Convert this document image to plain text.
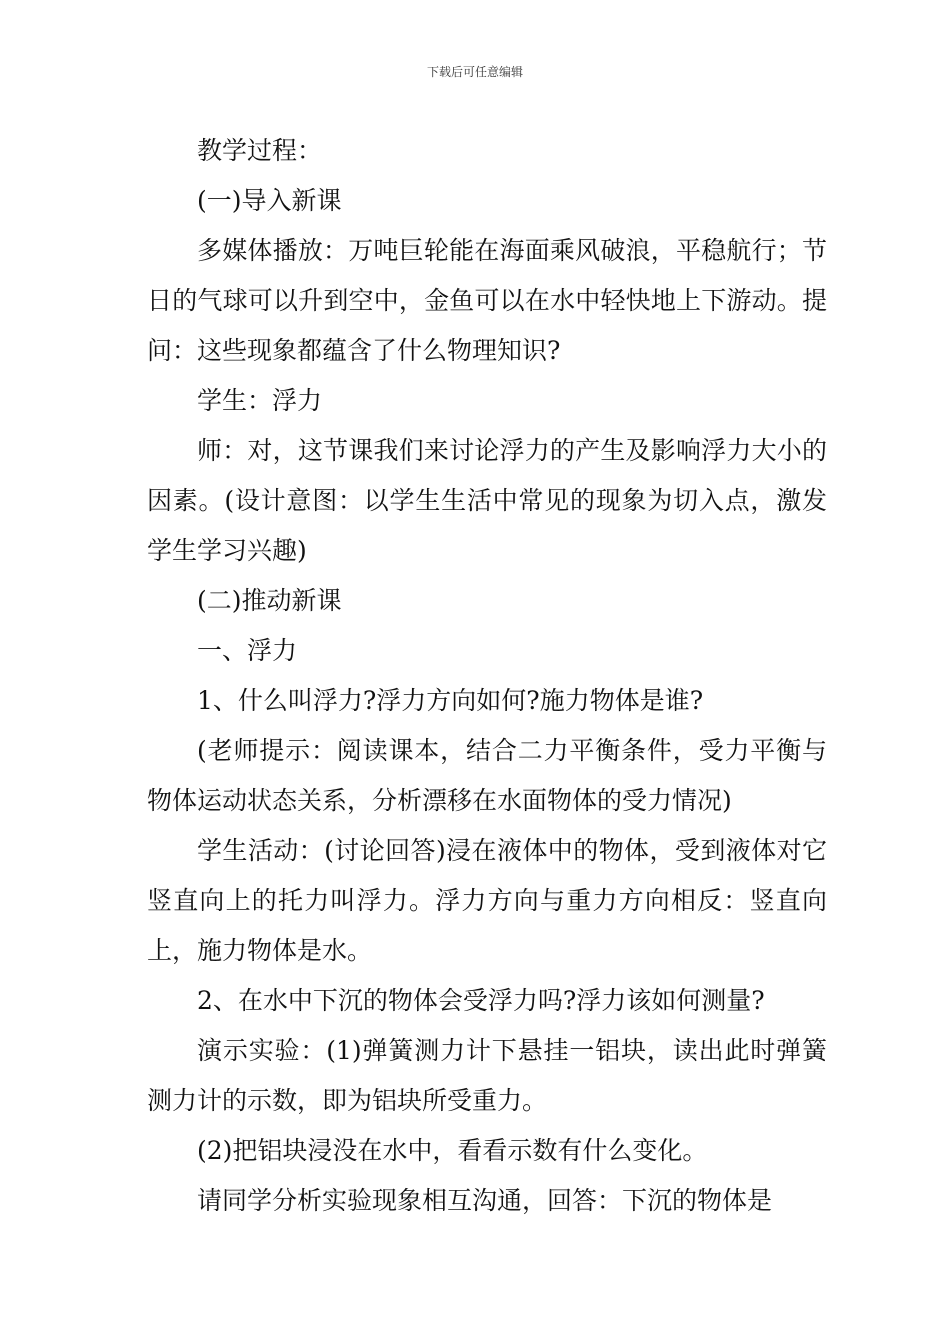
下载后可任意编辑

教学过程：

(一)导入新课

多媒体播放：万吨巨轮能在海面乘风破浪，平稳航行；节日的气球可以升到空中，金鱼可以在水中轻快地上下游动。提问：这些现象都蕴含了什么物理知识?

学生：浮力

师：对，这节课我们来讨论浮力的产生及影响浮力大小的因素。(设计意图：以学生生活中常见的现象为切入点，激发学生学习兴趣)

(二)推动新课

一、浮力

1、什么叫浮力?浮力方向如何?施力物体是谁?

(老师提示：阅读课本，结合二力平衡条件，受力平衡与物体运动状态关系，分析漂移在水面物体的受力情况)

学生活动：(讨论回答)浸在液体中的物体，受到液体对它竖直向上的托力叫浮力。浮力方向与重力方向相反：竖直向上，施力物体是水。

2、在水中下沉的物体会受浮力吗?浮力该如何测量?

演示实验：(1)弹簧测力计下悬挂一铝块，读出此时弹簧测力计的示数，即为铝块所受重力。

(2)把铝块浸没在水中，看看示数有什么变化。

请同学分析实验现象相互沟通，回答：下沉的物体是
